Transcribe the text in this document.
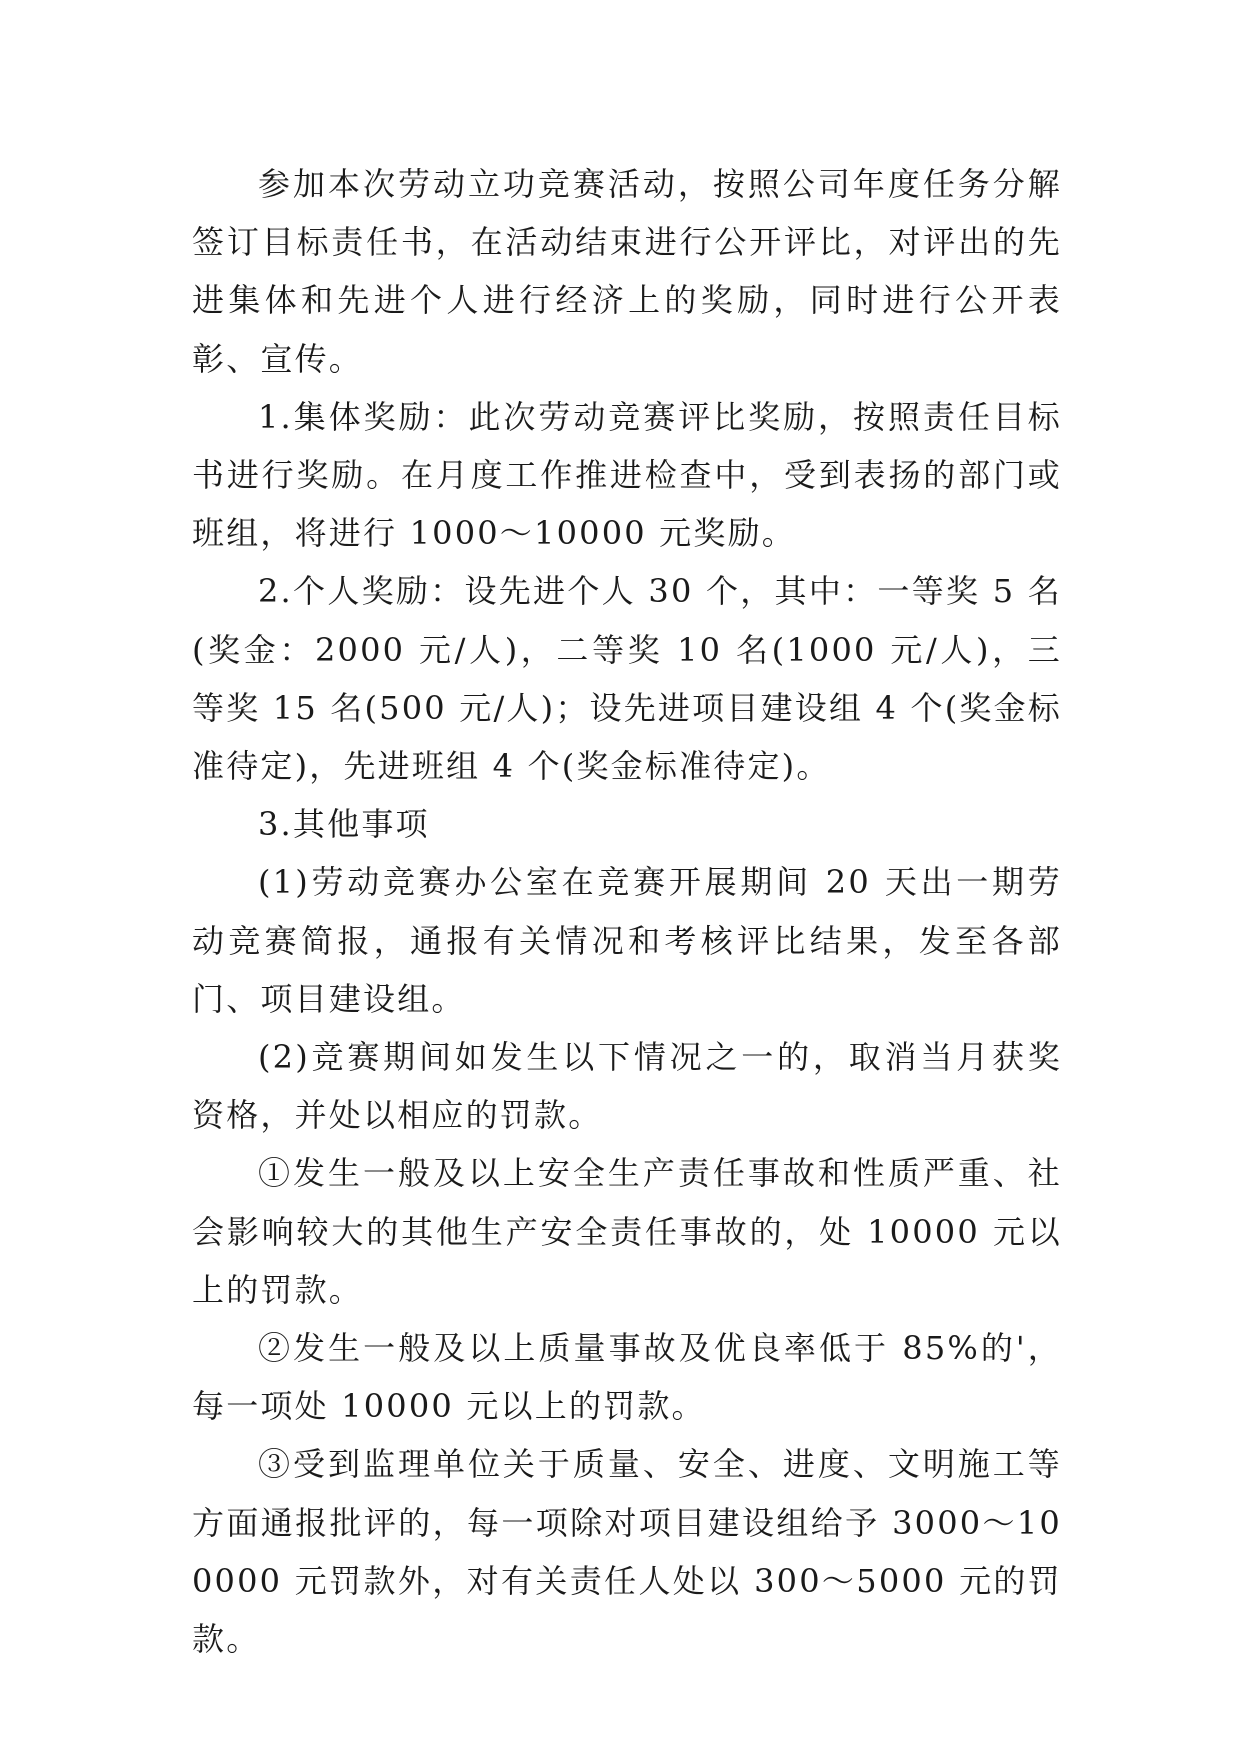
参加本次劳动立功竞赛活动，按照公司年度任务分解签订目标责任书，在活动结束进行公开评比，对评出的先进集体和先进个人进行经济上的奖励，同时进行公开表彰、宣传。

1.集体奖励：此次劳动竞赛评比奖励，按照责任目标书进行奖励。在月度工作推进检查中，受到表扬的部门或班组，将进行 1000～10000 元奖励。

2.个人奖励：设先进个人 30 个，其中：一等奖 5 名(奖金：2000 元/人)，二等奖 10 名(1000 元/人)，三等奖 15 名(500 元/人)；设先进项目建设组 4 个(奖金标准待定)，先进班组 4 个(奖金标准待定)。

3.其他事项

(1)劳动竞赛办公室在竞赛开展期间 20 天出一期劳动竞赛简报，通报有关情况和考核评比结果，发至各部门、项目建设组。

(2)竞赛期间如发生以下情况之一的，取消当月获奖资格，并处以相应的罚款。

①发生一般及以上安全生产责任事故和性质严重、社会影响较大的其他生产安全责任事故的，处 10000 元以上的罚款。

②发生一般及以上质量事故及优良率低于 85%的'，每一项处 10000 元以上的罚款。

③受到监理单位关于质量、安全、进度、文明施工等方面通报批评的，每一项除对项目建设组给予 3000～100000 元罚款外，对有关责任人处以 300～5000 元的罚款。
